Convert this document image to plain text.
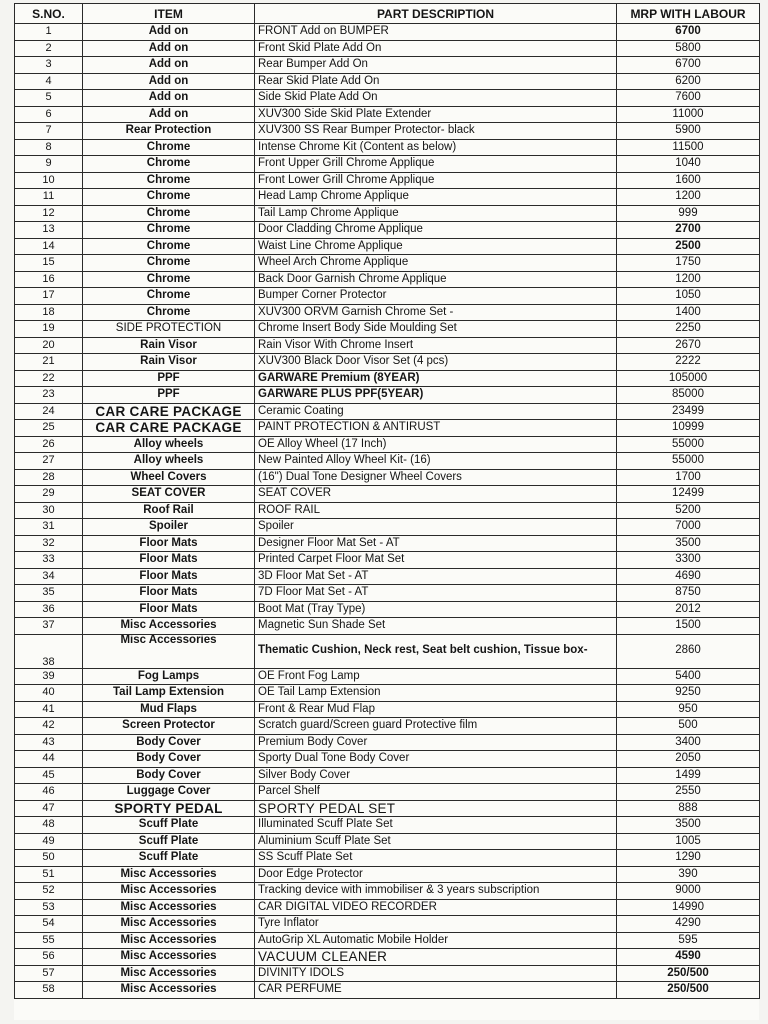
S.NO.	ITEM	PART DESCRIPTION	MRP WITH LABOUR
1	Add on	FRONT Add on BUMPER	6700
2	Add on	Front Skid Plate Add On	5800
3	Add on	Rear Bumper Add On	6700
4	Add on	Rear Skid Plate Add On	6200
5	Add on	Side Skid Plate Add On	7600
6	Add on	XUV300 Side Skid Plate Extender	11000
7	Rear Protection	XUV300 SS Rear Bumper Protector- black	5900
8	Chrome	Intense Chrome Kit (Content as below)	11500
9	Chrome	Front Upper Grill Chrome Applique	1040
10	Chrome	Front Lower Grill Chrome Applique	1600
11	Chrome	Head Lamp Chrome Applique	1200
12	Chrome	Tail Lamp Chrome Applique	999
13	Chrome	Door Cladding Chrome Applique	2700
14	Chrome	Waist Line Chrome Applique	2500
15	Chrome	Wheel Arch Chrome Applique	1750
16	Chrome	Back Door Garnish Chrome Applique	1200
17	Chrome	Bumper Corner Protector	1050
18	Chrome	XUV300 ORVM Garnish Chrome Set -	1400
19	SIDE PROTECTION	Chrome Insert Body Side Moulding Set	2250
20	Rain Visor	Rain Visor With Chrome Insert	2670
21	Rain Visor	XUV300 Black Door Visor Set (4 pcs)	2222
22	PPF	GARWARE Premium (8YEAR)	105000
23	PPF	GARWARE PLUS PPF(5YEAR)	85000
24	CAR CARE PACKAGE	Ceramic Coating	23499
25	CAR CARE PACKAGE	PAINT PROTECTION & ANTIRUST	10999
26	Alloy wheels	OE Alloy Wheel (17 Inch)	55000
27	Alloy wheels	New Painted Alloy Wheel Kit- (16)	55000
28	Wheel Covers	(16") Dual Tone Designer Wheel Covers	1700
29	SEAT COVER	SEAT COVER	12499
30	Roof Rail	ROOF RAIL	5200
31	Spoiler	Spoiler	7000
32	Floor Mats	Designer Floor Mat Set - AT	3500
33	Floor Mats	Printed Carpet Floor Mat Set	3300
34	Floor Mats	3D Floor Mat Set - AT	4690
35	Floor Mats	7D Floor Mat Set - AT	8750
36	Floor Mats	Boot Mat (Tray Type)	2012
37	Misc Accessories	Magnetic Sun Shade Set	1500
38	Misc Accessories	Thematic Cushion, Neck rest, Seat belt cushion, Tissue box-	2860
39	Fog Lamps	OE Front Fog Lamp	5400
40	Tail Lamp Extension	OE Tail Lamp Extension	9250
41	Mud Flaps	Front & Rear Mud Flap	950
42	Screen Protector	Scratch guard/Screen guard Protective film	500
43	Body Cover	Premium Body Cover	3400
44	Body Cover	Sporty Dual Tone Body Cover	2050
45	Body Cover	Silver Body Cover	1499
46	Luggage Cover	Parcel Shelf	2550
47	SPORTY PEDAL	SPORTY PEDAL SET	888
48	Scuff Plate	Illuminated Scuff Plate Set	3500
49	Scuff Plate	Aluminium Scuff Plate Set	1005
50	Scuff Plate	SS Scuff Plate Set	1290
51	Misc Accessories	Door Edge Protector	390
52	Misc Accessories	Tracking device with immobiliser & 3 years subscription	9000
53	Misc Accessories	CAR DIGITAL VIDEO RECORDER	14990
54	Misc Accessories	Tyre Inflator	4290
55	Misc Accessories	AutoGrip XL Automatic Mobile Holder	595
56	Misc Accessories	VACUUM CLEANER	4590
57	Misc Accessories	DIVINITY IDOLS	250/500
58	Misc Accessories	CAR PERFUME	250/500
